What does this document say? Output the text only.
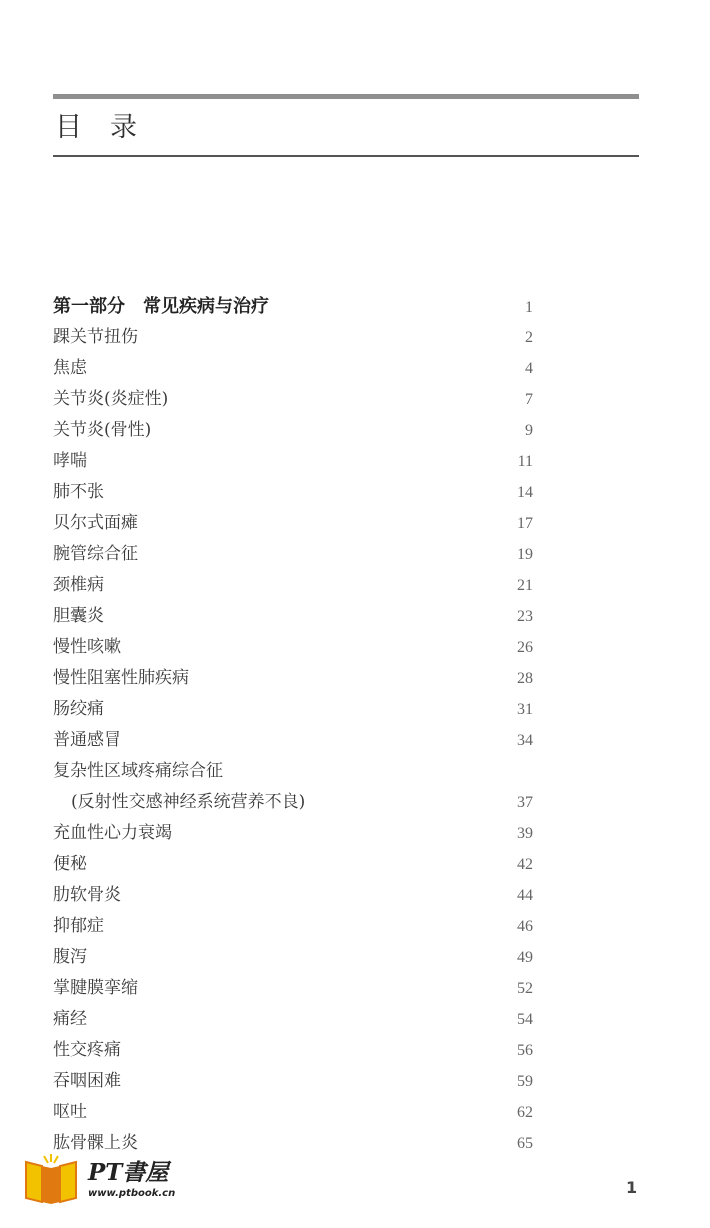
目录
第一部分　常见疾病与治疗	1
踝关节扭伤	2
焦虑	4
关节炎(炎症性)	7
关节炎(骨性)	9
哮喘	11
肺不张	14
贝尔式面瘫	17
腕管综合征	19
颈椎病	21
胆囊炎	23
慢性咳嗽	26
慢性阻塞性肺疾病	28
肠绞痛	31
普通感冒	34
复杂性区域疼痛综合征
(反射性交感神经系统营养不良)	37
充血性心力衰竭	39
便秘	42
肋软骨炎	44
抑郁症	46
腹泻	49
掌腱膜挛缩	52
痛经	54
性交疼痛	56
吞咽困难	59
呕吐	62
肱骨髁上炎	65
PT書屋
www.ptbook.cn	1
